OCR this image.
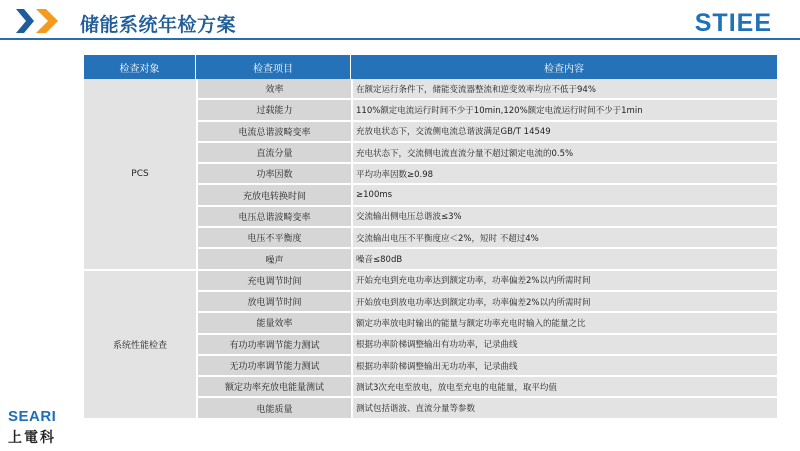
储能系统年检方案	STIEE
检查对象	检查项目	检查内容
PCS
效率	在额定运行条件下，储能变流器整流和逆变效率均应不低于94%
过载能力	110%额定电流运行时间不少于10min,120%额定电流运行时间不少于1min
电流总谐波畸变率	充放电状态下，交流侧电流总谐波满足GB/T 14549
直流分量	充电状态下，交流侧电流直流分量不超过额定电流的0.5%
功率因数	平均功率因数≥0.98
充放电转换时间	≥100ms
电压总谐波畸变率	交流输出侧电压总谐波≤3%
电压不平衡度	交流输出电压不平衡度应＜2%，短时 不超过4%
噪声	噪音≤80dB
系统性能检查
充电调节时间	开始充电到充电功率达到额定功率，功率偏差2%以内所需时间
放电调节时间	开始放电到放电功率达到额定功率，功率偏差2%以内所需时间
能量效率	额定功率放电时输出的能量与额定功率充电时输入的能量之比
有功功率调节能力测试	根据功率阶梯调整输出有功功率，记录曲线
无功功率调节能力测试	根据功率阶梯调整输出无功功率，记录曲线
额定功率充放电能量测试	测试3次充电至放电，放电至充电的电能量，取平均值
电能质量	测试包括谐波、直流分量等参数
SEARI
上電科
